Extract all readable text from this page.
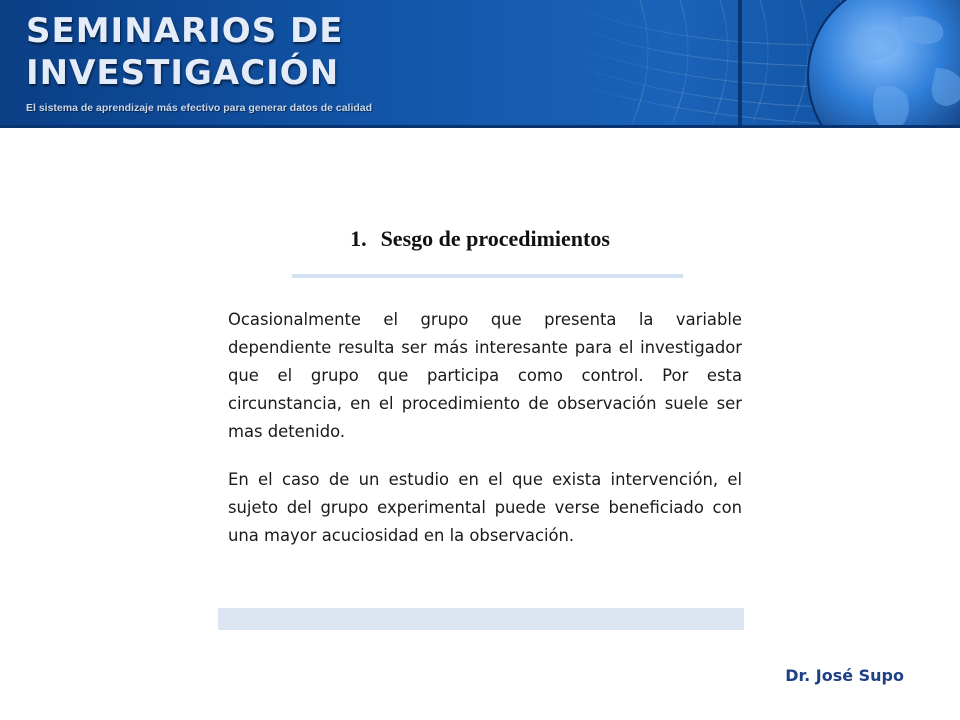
SEMINARIOS DE
INVESTIGACIÓN

El sistema de aprendizaje más efectivo para generar datos de calidad

1. Sesgo de procedimientos

Ocasionalmente el grupo que presenta la variable dependiente resulta ser más interesante para el investigador que el grupo que participa como control. Por esta circunstancia, en el procedimiento de observación suele ser mas detenido.

En el caso de un estudio en el que exista intervención, el sujeto del grupo experimental puede verse beneficiado con una mayor acuciosidad en la observación.

Dr. José Supo
